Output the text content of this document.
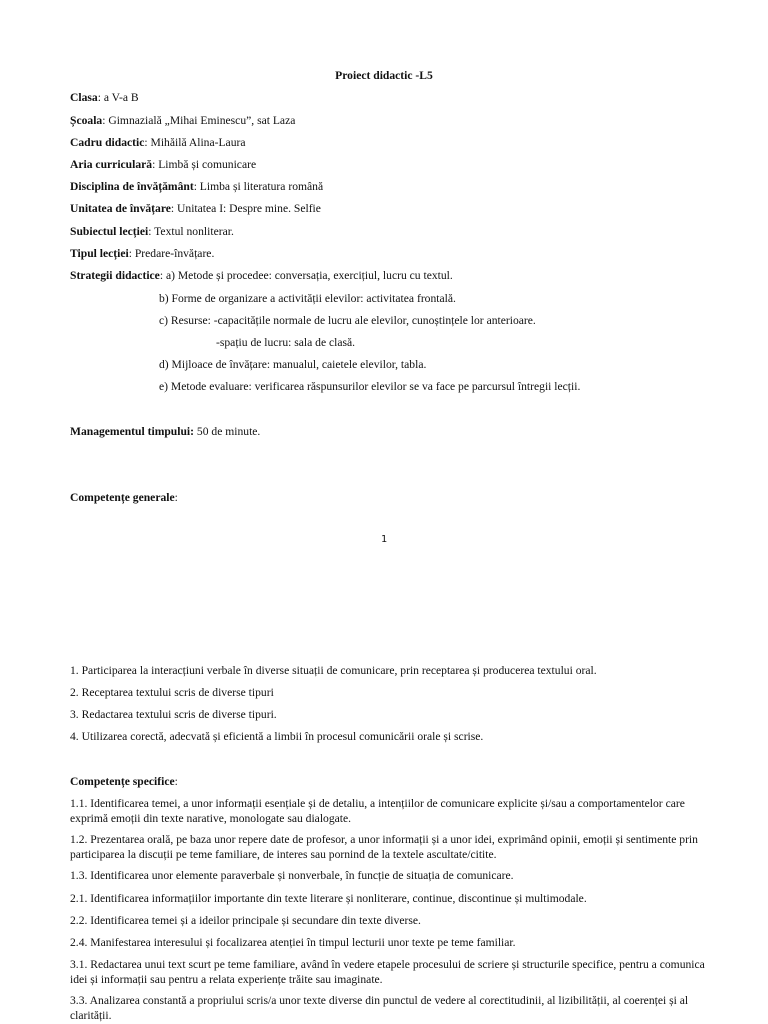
Proiect didactic -L5
Clasa: a V-a B
Școala: Gimnazială „Mihai Eminescu”, sat Laza
Cadru didactic: Mihăilă Alina-Laura
Aria curriculară: Limbă și comunicare
Disciplina de învățământ: Limba și literatura română
Unitatea de învățare: Unitatea I: Despre mine. Selfie
Subiectul lecției: Textul nonliterar.
Tipul lecției: Predare-învățare.
Strategii didactice: a) Metode și procedee: conversația, exercițiul, lucru cu textul.
b) Forme de organizare a activității elevilor: activitatea frontală.
c) Resurse: -capacitățile normale de lucru ale elevilor, cunoștințele lor anterioare.
-spațiu de lucru: sala de clasă.
d) Mijloace de învățare: manualul, caietele elevilor, tabla.
e) Metode evaluare: verificarea răspunsurilor elevilor se va face pe parcursul întregii lecții.
Managementul timpului: 50 de minute.
Competențe generale:
1
1. Participarea la interacțiuni verbale în diverse situații de comunicare, prin receptarea și producerea textului oral.
2. Receptarea textului scris de diverse tipuri
3. Redactarea textului scris de diverse tipuri.
4. Utilizarea corectă, adecvată și eficientă a limbii în procesul comunicării orale și scrise.
Competențe specifice:
1.1. Identificarea temei, a unor informații esențiale și de detaliu, a intențiilor de comunicare explicite și/sau a comportamentelor care exprimă emoții din texte narative, monologate sau dialogate.
1.2. Prezentarea orală, pe baza unor repere date de profesor, a unor informații și a unor idei, exprimând opinii, emoții și sentimente prin participarea la discuții pe teme familiare, de interes sau pornind de la textele ascultate/citite.
1.3. Identificarea unor elemente paraverbale și nonverbale, în funcție de situația de comunicare.
2.1. Identificarea informațiilor importante din texte literare și nonliterare, continue, discontinue și multimodale.
2.2. Identificarea temei și a ideilor principale și secundare din texte diverse.
2.4. Manifestarea interesului și focalizarea atenției în timpul lecturii unor texte pe teme familiar.
3.1. Redactarea unui text scurt pe teme familiare, având în vedere etapele procesului de scriere și structurile specifice, pentru a comunica idei și informații sau pentru a relata experiențe trăite sau imaginate.
3.3. Analizarea constantă a propriului scris/a unor texte diverse din punctul de vedere al corectitudinii, al lizibilității, al coerenței și al clarității.
